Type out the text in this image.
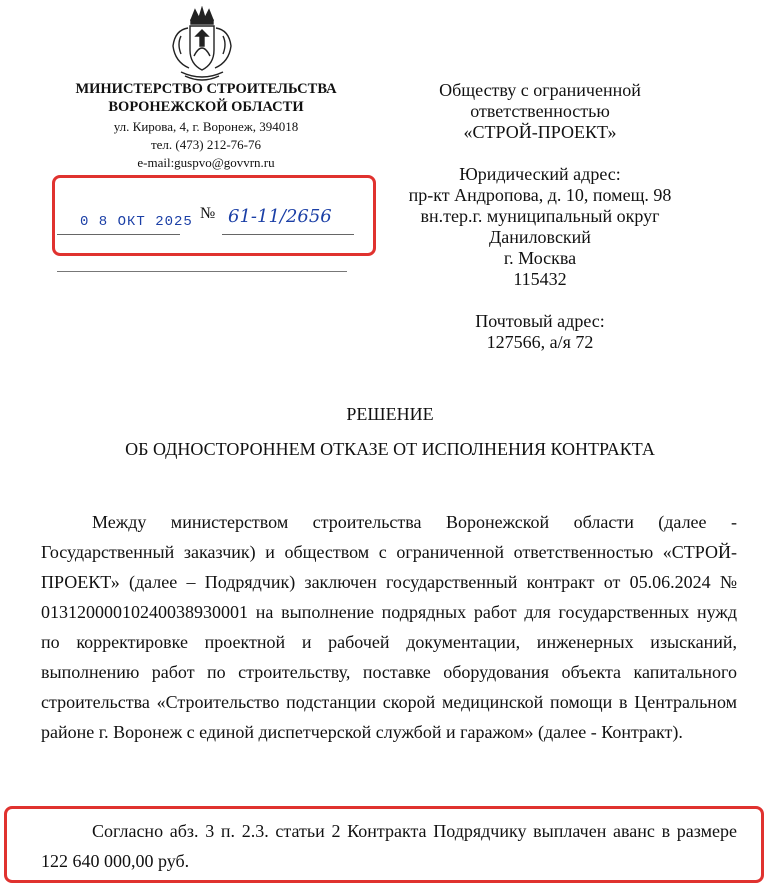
МИНИСТЕРСТВО СТРОИТЕЛЬСТВА
ВОРОНЕЖСКОЙ ОБЛАСТИ
ул. Кирова, 4, г. Воронеж, 394018
тел. (473) 212-76-76
e-mail:guspvo@govvrn.ru
0 8 ОКТ 2025 № 61-11/2656
Обществу с ограниченной
ответственностью
«СТРОЙ-ПРОЕКТ»
Юридический адрес:
пр-кт Андропова, д. 10, помещ. 98
вн.тер.г. муниципальный округ
Даниловский
г. Москва
115432
Почтовый адрес:
127566, а/я 72
РЕШЕНИЕ
ОБ ОДНОСТОРОННЕМ ОТКАЗЕ ОТ ИСПОЛНЕНИЯ КОНТРАКТА
Между министерством строительства Воронежской области (далее - Государственный заказчик) и обществом с ограниченной ответственностью «СТРОЙ-ПРОЕКТ» (далее – Подрядчик) заключен государственный контракт от 05.06.2024 № 0131200001024003893000​1 на выполнение подрядных работ для государственных нужд по корректировке проектной и рабочей документации, инженерных изысканий, выполнению работ по строительству, поставке оборудования объекта капитального строительства «Строительство подстанции скорой медицинской помощи в Центральном районе г. Воронеж с единой диспетчерской службой и гаражом» (далее - Контракт).
Согласно абз. 3 п. 2.3. статьи 2 Контракта Подрядчику выплачен аванс в размере 122 640 000,00 руб.
